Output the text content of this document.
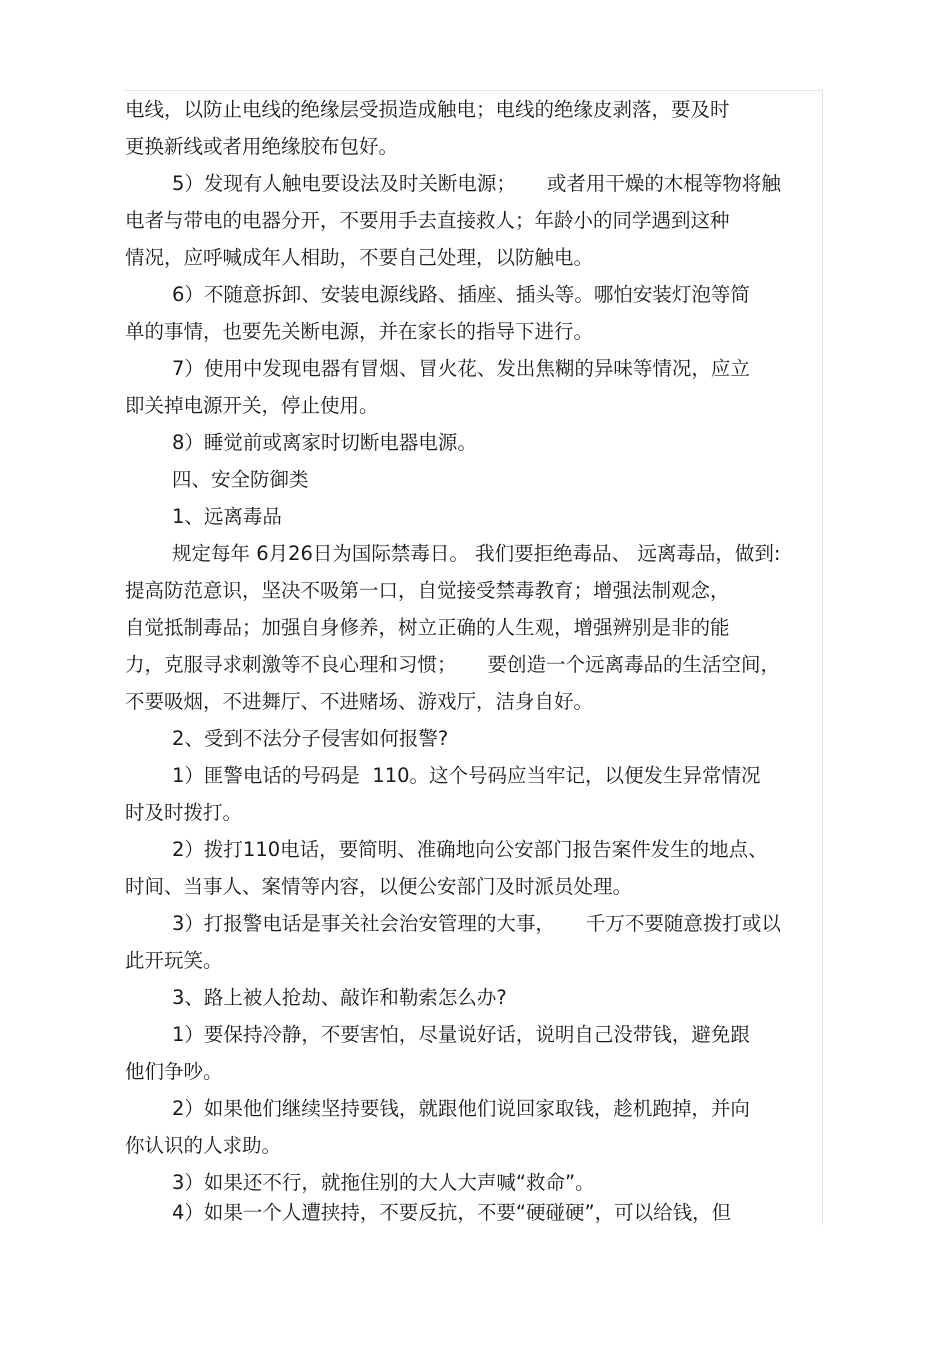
电线，以防止电线的绝缘层受损造成触电；电线的绝缘皮剥落，要及时
更换新线或者用绝缘胶布包好。
5）发现有人触电要设法及时关断电源；     或者用干燥的木棍等物将触
电者与带电的电器分开，不要用手去直接救人；年龄小的同学遇到这种
情况，应呼喊成年人相助，不要自己处理，以防触电。
6）不随意拆卸、安装电源线路、插座、插头等。哪怕安装灯泡等简
单的事情，也要先关断电源，并在家长的指导下进行。
7）使用中发现电器有冒烟、冒火花、发出焦糊的异味等情况，应立
即关掉电源开关，停止使用。
8）睡觉前或离家时切断电器电源。
四、安全防御类
1、远离毒品
规定每年 6月26日为国际禁毒日。 我们要拒绝毒品、 远离毒品，做到:
提高防范意识，坚决不吸第一口，自觉接受禁毒教育；增强法制观念，
自觉抵制毒品；加强自身修养，树立正确的人生观，增强辨别是非的能
力，克服寻求刺激等不良心理和习惯；     要创造一个远离毒品的生活空间，
不要吸烟，不进舞厅、不进赌场、游戏厅，洁身自好。
2、受到不法分子侵害如何报警?
1）匪警电话的号码是  110。这个号码应当牢记，以便发生异常情况
时及时拨打。
2）拨打110电话，要简明、准确地向公安部门报告案件发生的地点、
时间、当事人、案情等内容，以便公安部门及时派员处理。
3）打报警电话是事关社会治安管理的大事，     千万不要随意拨打或以
此开玩笑。
3、路上被人抢劫、敲诈和勒索怎么办?
1）要保持冷静，不要害怕，尽量说好话，说明自己没带钱，避免跟
他们争吵。
2）如果他们继续坚持要钱，就跟他们说回家取钱，趁机跑掉，并向
你认识的人求助。
3）如果还不行，就拖住别的大人大声喊“救命”。
4）如果一个人遭挟持，不要反抗，不要“硬碰硬”，可以给钱，但
